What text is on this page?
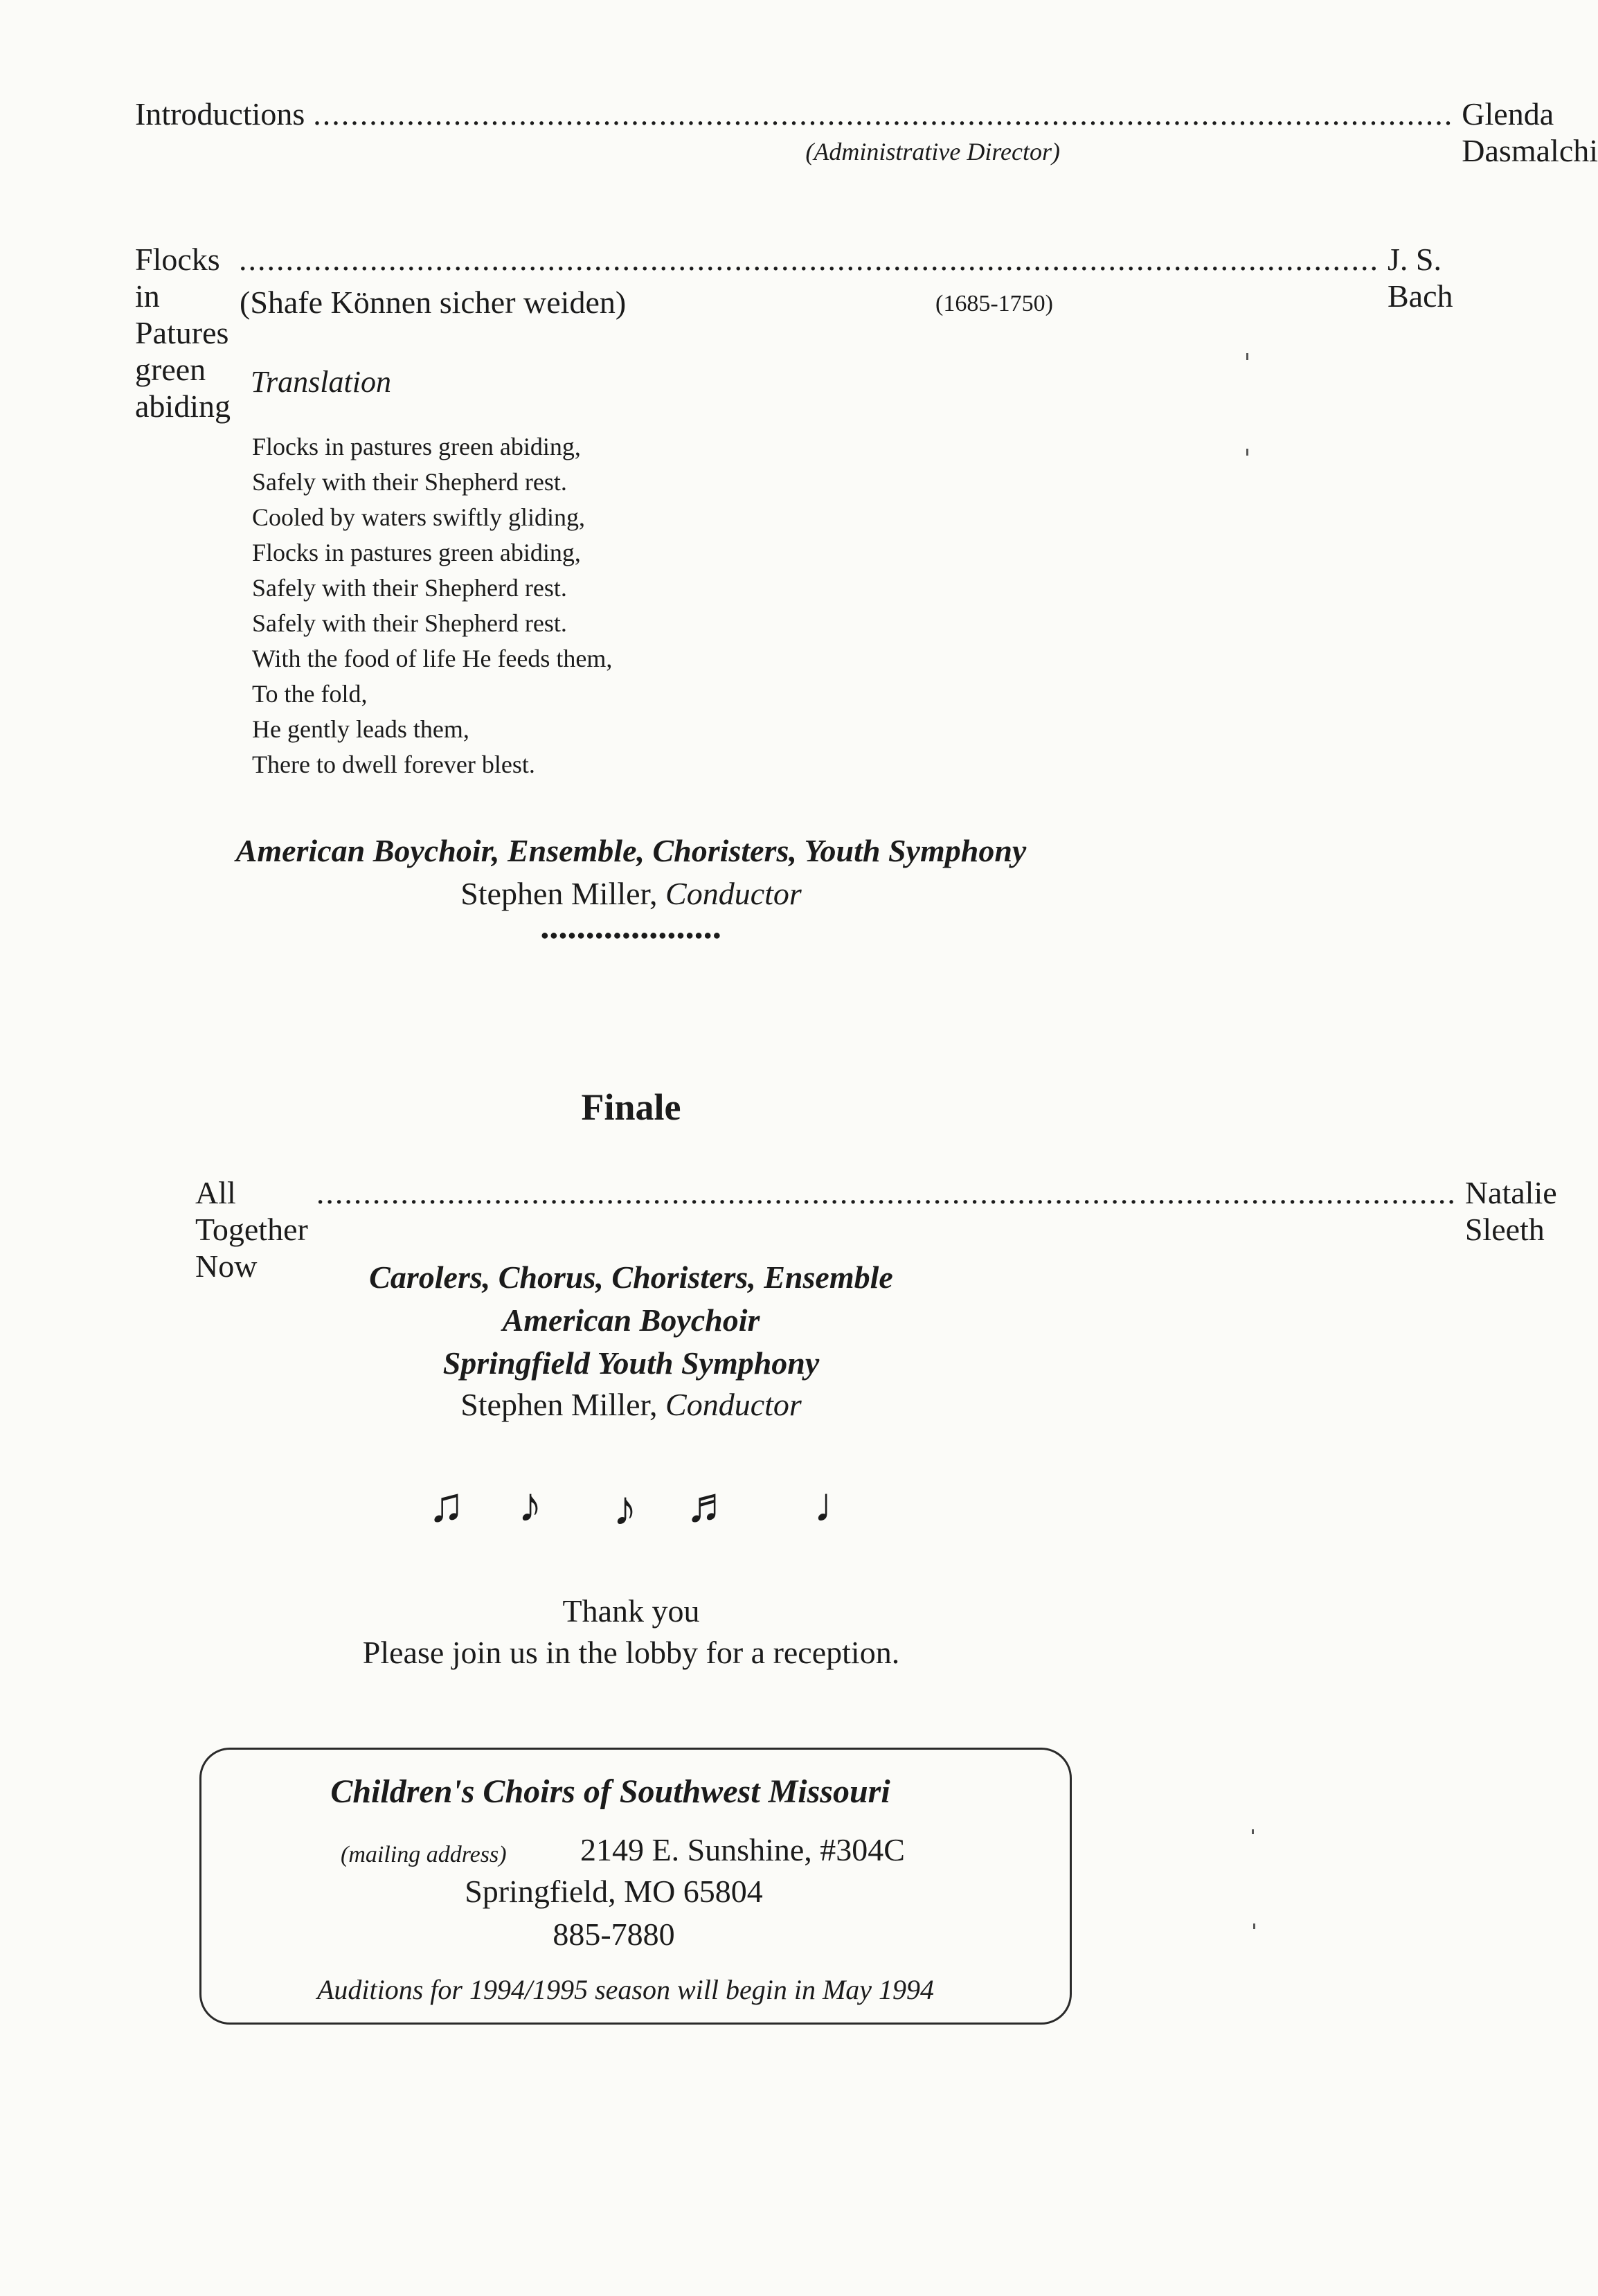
Introductions .......................................................................................................................... Glenda Dasmalchi
(Administrative Director)
Flocks in Patures green abiding
.......................................................................................................................... J. S. Bach
(Shafe Können sicher weiden)	(1685-1750)
Translation
Flocks in pastures green abiding,
Safely with their Shepherd rest.
Cooled by waters swiftly gliding,
Flocks in pastures green abiding,
Safely with their Shepherd rest.
Safely with their Shepherd rest.
With the food of life He feeds them,
To the fold,
He gently leads them,
There to dwell forever blest.
American Boychoir, Ensemble, Choristers, Youth Symphony
Stephen Miller, Conductor
●●●●●●●●●●●●●●●●●●●●
Finale
All Together Now
.......................................................................................................................... Natalie Sleeth
Carolers, Chorus, Choristers, Ensemble
American Boychoir
Springfield Youth Symphony
Stephen Miller, Conductor
♫ ♪ ♪ ♬ ♩
Thank you
Please join us in the lobby for a reception.
Children's Choirs of Southwest Missouri
(mailing address) 2149 E. Sunshine, #304C
Springfield, MO 65804
885-7880
Auditions for 1994/1995 season will begin in May 1994
